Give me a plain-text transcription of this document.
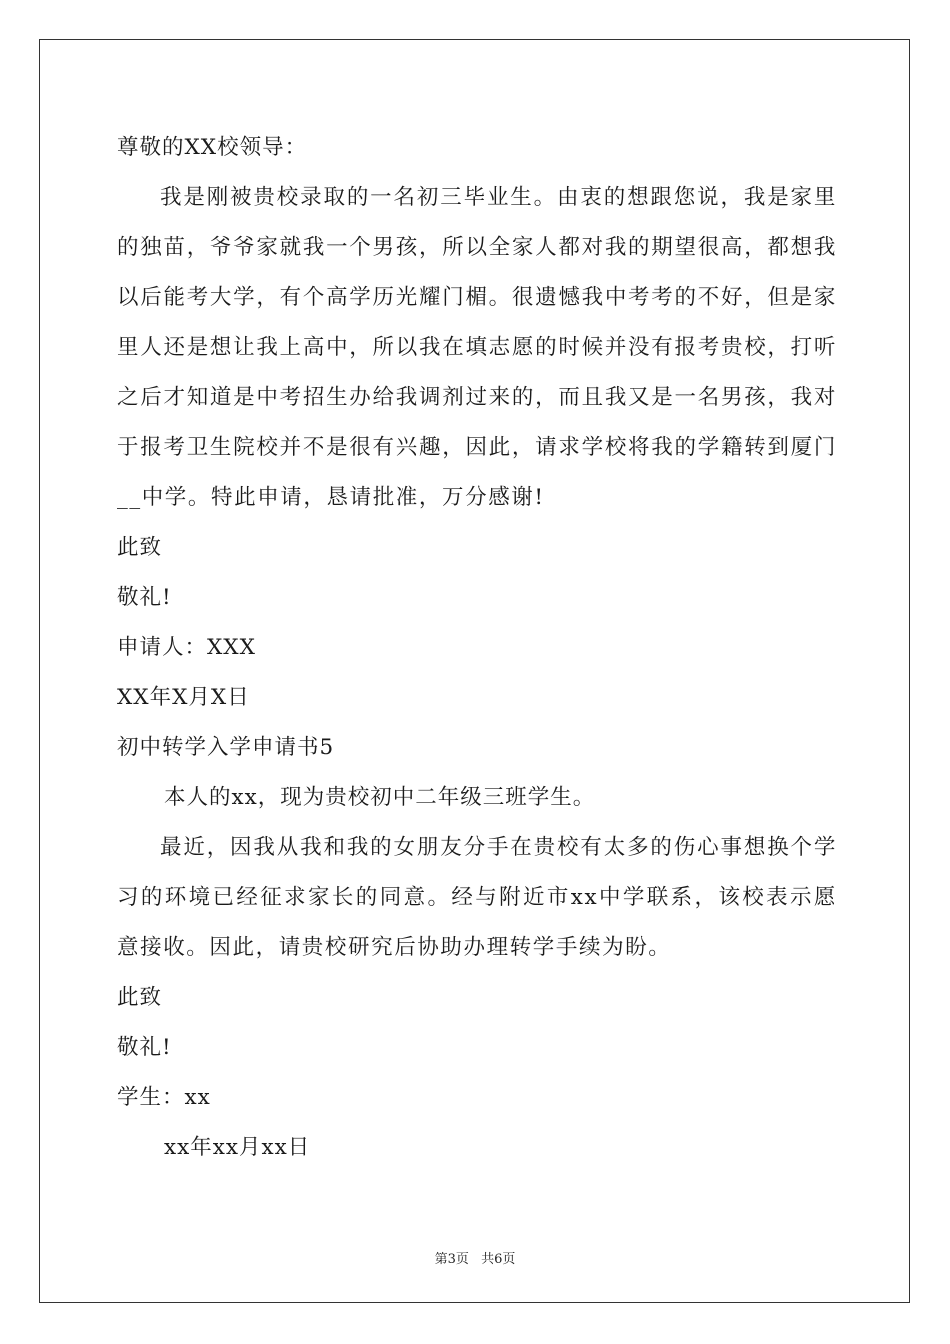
尊敬的XX校领导：

我是刚被贵校录取的一名初三毕业生。由衷的想跟您说，我是家里的独苗，爷爷家就我一个男孩，所以全家人都对我的期望很高，都想我以后能考大学，有个高学历光耀门楣。很遗憾我中考考的不好，但是家里人还是想让我上高中，所以我在填志愿的时候并没有报考贵校，打听之后才知道是中考招生办给我调剂过来的，而且我又是一名男孩，我对于报考卫生院校并不是很有兴趣，因此，请求学校将我的学籍转到厦门__中学。特此申请，恳请批准，万分感谢!

此致
敬礼!
申请人：XXX
XX年X月X日
初中转学入学申请书5
本人的xx，现为贵校初中二年级三班学生。

最近，因我从我和我的女朋友分手在贵校有太多的伤心事想换个学习的环境已经征求家长的同意。经与附近市xx中学联系，该校表示愿意接收。因此，请贵校研究后协助办理转学手续为盼。

此致
敬礼!
学生：xx
xx年xx月xx日
第3页 共6页
